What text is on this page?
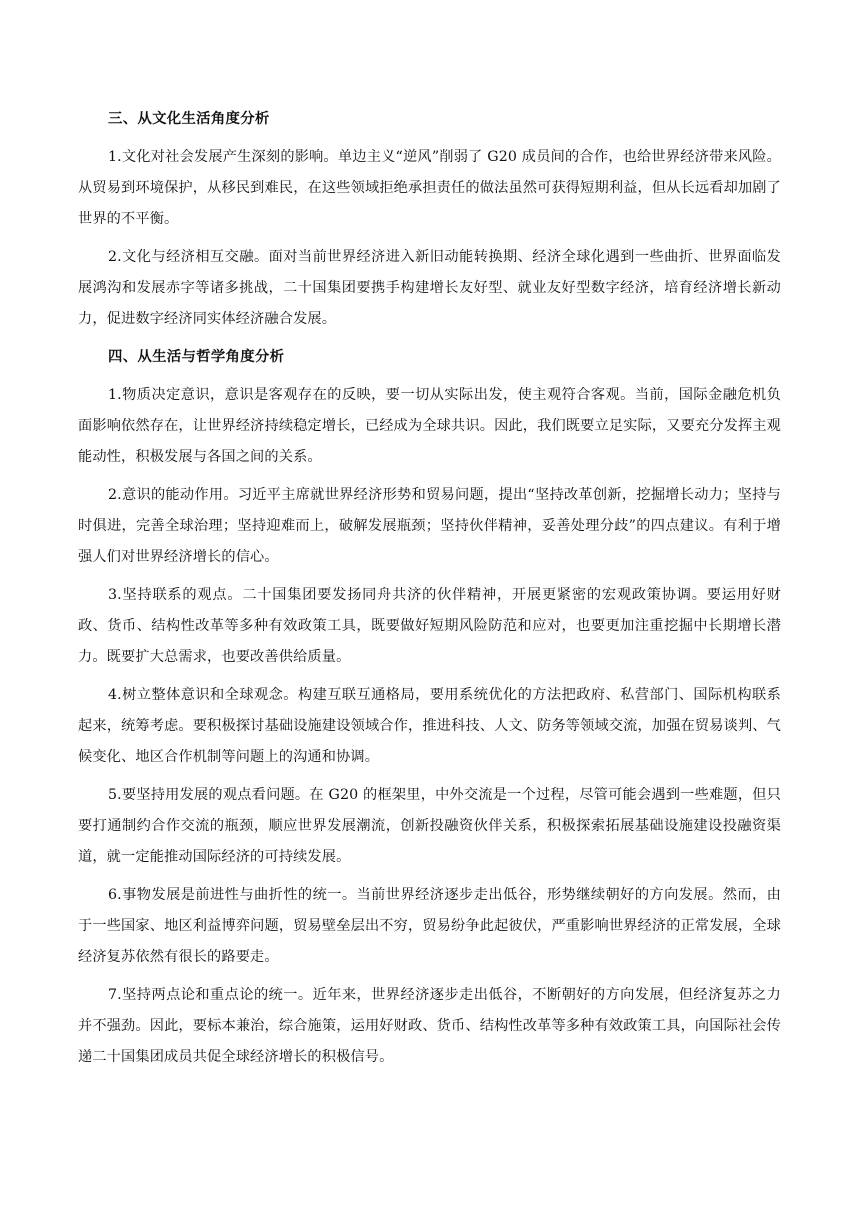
三、从文化生活角度分析

1.文化对社会发展产生深刻的影响。单边主义“逆风”削弱了 G20 成员间的合作，也给世界经济带来风险。从贸易到环境保护，从移民到难民，在这些领域拒绝承担责任的做法虽然可获得短期利益，但从长远看却加剧了世界的不平衡。

2.文化与经济相互交融。面对当前世界经济进入新旧动能转换期、经济全球化遇到一些曲折、世界面临发展鸿沟和发展赤字等诸多挑战，二十国集团要携手构建增长友好型、就业友好型数字经济，培育经济增长新动力，促进数字经济同实体经济融合发展。

四、从生活与哲学角度分析

1.物质决定意识，意识是客观存在的反映，要一切从实际出发，使主观符合客观。当前，国际金融危机负面影响依然存在，让世界经济持续稳定增长，已经成为全球共识。因此，我们既要立足实际，又要充分发挥主观能动性，积极发展与各国之间的关系。

2.意识的能动作用。习近平主席就世界经济形势和贸易问题，提出“坚持改革创新，挖掘增长动力；坚持与时俱进，完善全球治理；坚持迎难而上，破解发展瓶颈；坚持伙伴精神，妥善处理分歧”的四点建议。有利于增强人们对世界经济增长的信心。

3.坚持联系的观点。二十国集团要发扬同舟共济的伙伴精神，开展更紧密的宏观政策协调。要运用好财政、货币、结构性改革等多种有效政策工具，既要做好短期风险防范和应对，也要更加注重挖掘中长期增长潜力。既要扩大总需求，也要改善供给质量。

4.树立整体意识和全球观念。构建互联互通格局，要用系统优化的方法把政府、私营部门、国际机构联系起来，统筹考虑。要积极探讨基础设施建设领域合作，推进科技、人文、防务等领域交流，加强在贸易谈判、气候变化、地区合作机制等问题上的沟通和协调。

5.要坚持用发展的观点看问题。在 G20 的框架里，中外交流是一个过程，尽管可能会遇到一些难题，但只要打通制约合作交流的瓶颈，顺应世界发展潮流，创新投融资伙伴关系，积极探索拓展基础设施建设投融资渠道，就一定能推动国际经济的可持续发展。

6.事物发展是前进性与曲折性的统一。当前世界经济逐步走出低谷，形势继续朝好的方向发展。然而，由于一些国家、地区利益博弈问题，贸易壁垒层出不穷，贸易纷争此起彼伏，严重影响世界经济的正常发展，全球经济复苏依然有很长的路要走。

7.坚持两点论和重点论的统一。近年来，世界经济逐步走出低谷，不断朝好的方向发展，但经济复苏之力并不强劲。因此，要标本兼治，综合施策，运用好财政、货币、结构性改革等多种有效政策工具，向国际社会传递二十国集团成员共促全球经济增长的积极信号。
